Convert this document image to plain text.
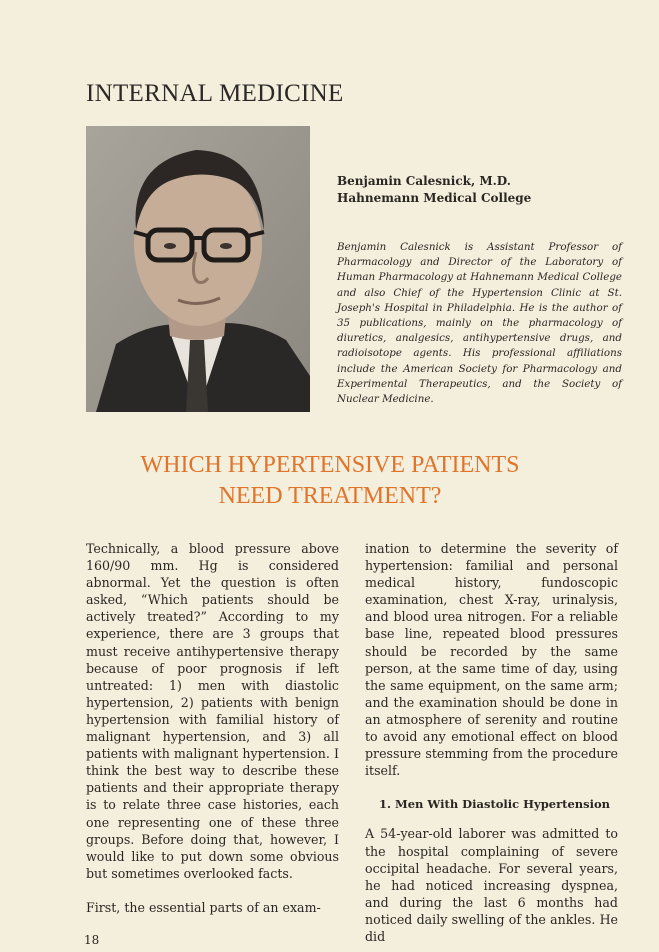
INTERNAL MEDICINE
Benjamin Calesnick, M.D.
Hahnemann Medical College

Benjamin Calesnick is Assistant Professor of Pharmacology and Director of the Laboratory of Human Pharmacology at Hahnemann Medical College and also Chief of the Hypertension Clinic at St. Joseph's Hospital in Philadelphia. He is the author of 35 publications, mainly on the pharmacology of diuretics, analgesics, antihypertensive drugs, and radioisotope agents. His professional affiliations include the American Society for Pharmacology and Experimental Therapeutics, and the Society of Nuclear Medicine.

WHICH HYPERTENSIVE PATIENTS
NEED TREATMENT?

Technically, a blood pressure above 160/90 mm. Hg is considered abnormal. Yet the question is often asked, “Which patients should be actively treated?” According to my experience, there are 3 groups that must receive antihypertensive therapy because of poor prognosis if left untreated: 1) men with diastolic hypertension, 2) patients with benign hypertension with familial history of malignant hypertension, and 3) all patients with malignant hypertension. I think the best way to describe these patients and their appropriate therapy is to relate three case histories, each one representing one of these three groups. Before doing that, however, I would like to put down some obvious but sometimes overlooked facts.

First, the essential parts of an exam-

ination to determine the severity of hypertension: familial and personal medical history, fundoscopic examination, chest X-ray, urinalysis, and blood urea nitrogen. For a reliable base line, repeated blood pressures should be recorded by the same person, at the same time of day, using the same equipment, on the same arm; and the examination should be done in an atmosphere of serenity and routine to avoid any emotional effect on blood pressure stemming from the procedure itself.

1. Men With Diastolic Hypertension

A 54-year-old laborer was admitted to the hospital complaining of severe occipital headache. For several years, he had noticed increasing dyspnea, and during the last 6 months had noticed daily swelling of the ankles. He did

18
